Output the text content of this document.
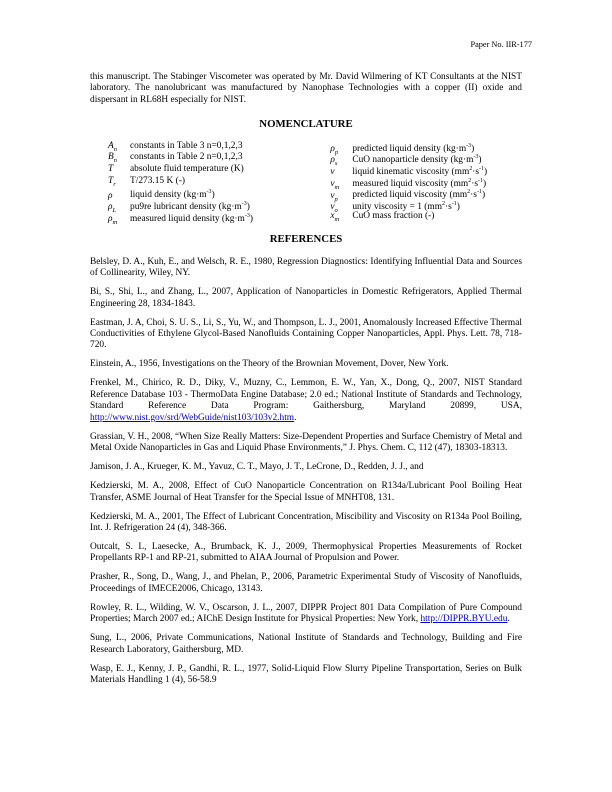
Paper No. IIR-177

this manuscript. The Stabinger Viscometer was operated by Mr. David Wilmering of KT Consultants at the NIST laboratory. The nanolubricant was manufactured by Nanophase Technologies with a copper (II) oxide and dispersant in RL68H especially for NIST.

NOMENCLATURE

$A_n$	constants in Table 3 n=0,1,2,3
$B_n$	constants in Table 2 n=0,1,2,3
T	absolute fluid temperature (K)
$T_r$	T/273.15 K (-)
ρ	liquid density $(kg\cdot m^{-3})$
$\rho_L$	pu9re lubricant density $(kg\cdot m^{-3})$
$\rho_m$	measured liquid density $(kg\cdot m^{-3})$
$\rho_p$	predicted liquid density $(kg\cdot m^{-3})$
$\rho_s$	CuO nanoparticle density $(kg\cdot m^{-3})$
ν	liquid kinematic viscosity $(mm^2\cdot s^{-1})$
$\nu_m$	measured liquid viscosity $(mm^2\cdot s^{-1})$
$\nu_p$	predicted liquid viscosity $(mm^2\cdot s^{-1})$
$\nu_o$	unity viscosity = 1 $(mm^2\cdot s^{-1})$
$x_m$	CuO mass fraction (-)

REFERENCES

Belsley, D. A., Kuh, E., and Welsch, R. E., 1980, Regression Diagnostics: Identifying Influential Data and Sources of Collinearity, Wiley, NY.

Bi, S., Shi, L., and Zhang, L., 2007, Application of Nanoparticles in Domestic Refrigerators, Applied Thermal Engineering 28, 1834-1843.

Eastman, J. A, Choi, S. U. S., Li, S., Yu, W., and Thompson, L. J., 2001, Anomalously Increased Effective Thermal Conductivities of Ethylene Glycol-Based Nanofluids Containing Copper Nanoparticles, Appl. Phys. Lett. 78, 718-720.

Einstein, A., 1956, Investigations on the Theory of the Brownian Movement, Dover, New York.

Frenkel, M., Chirico, R. D., Diky, V., Muzny, C., Lemmon, E. W., Yan, X., Dong, Q., 2007, NIST Standard Reference Database 103 - ThermoData Engine Database; 2.0 ed.; National Institute of Standards and Technology, Standard Reference Data Program: Gaithersburg, Maryland 20899, USA, http://www.nist.gov/srd/WebGuide/nist103/103v2.htm.

Grassian, V. H., 2008, “When Size Really Matters: Size-Dependent Properties and Surface Chemistry of Metal and Metal Oxide Nanoparticles in Gas and Liquid Phase Environments,” J. Phys. Chem. C, 112 (47), 18303-18313.

Jamison, J. A., Krueger, K. M., Yavuz, C. T., Mayo, J. T., LeCrone, D., Redden, J. J., and

Kedzierski, M. A., 2008, Effect of CuO Nanoparticle Concentration on R134a/Lubricant Pool Boiling Heat Transfer, ASME Journal of Heat Transfer for the Special Issue of MNHT08, 131.

Kedzierski, M. A., 2001, The Effect of Lubricant Concentration, Miscibility and Viscosity on R134a Pool Boiling, Int. J. Refrigeration 24 (4), 348-366.

Outcalt, S. L, Laesecke, A., Brumback, K. J., 2009, Thermophysical Properties Measurements of Rocket Propellants RP-1 and RP-21, submitted to AIAA Journal of Propulsion and Power.

Prasher, R., Song, D., Wang, J., and Phelan, P., 2006, Parametric Experimental Study of Viscosity of Nanofluids, Proceedings of IMECE2006, Chicago, 13143.

Rowley, R. L., Wilding, W. V., Oscarson, J. L., 2007, DIPPR Project 801 Data Compilation of Pure Compound Properties; March 2007 ed.; AIChE Design Institute for Physical Properties: New York, http://DIPPR.BYU.edu.

Sung, L., 2006, Private Communications, National Institute of Standards and Technology, Building and Fire Research Laboratory, Gaithersburg, MD.

Wasp, E. J., Kenny, J. P., Gandhi, R. L., 1977, Solid-Liquid Flow Slurry Pipeline Transportation, Series on Bulk Materials Handling 1 (4), 56-58.9
